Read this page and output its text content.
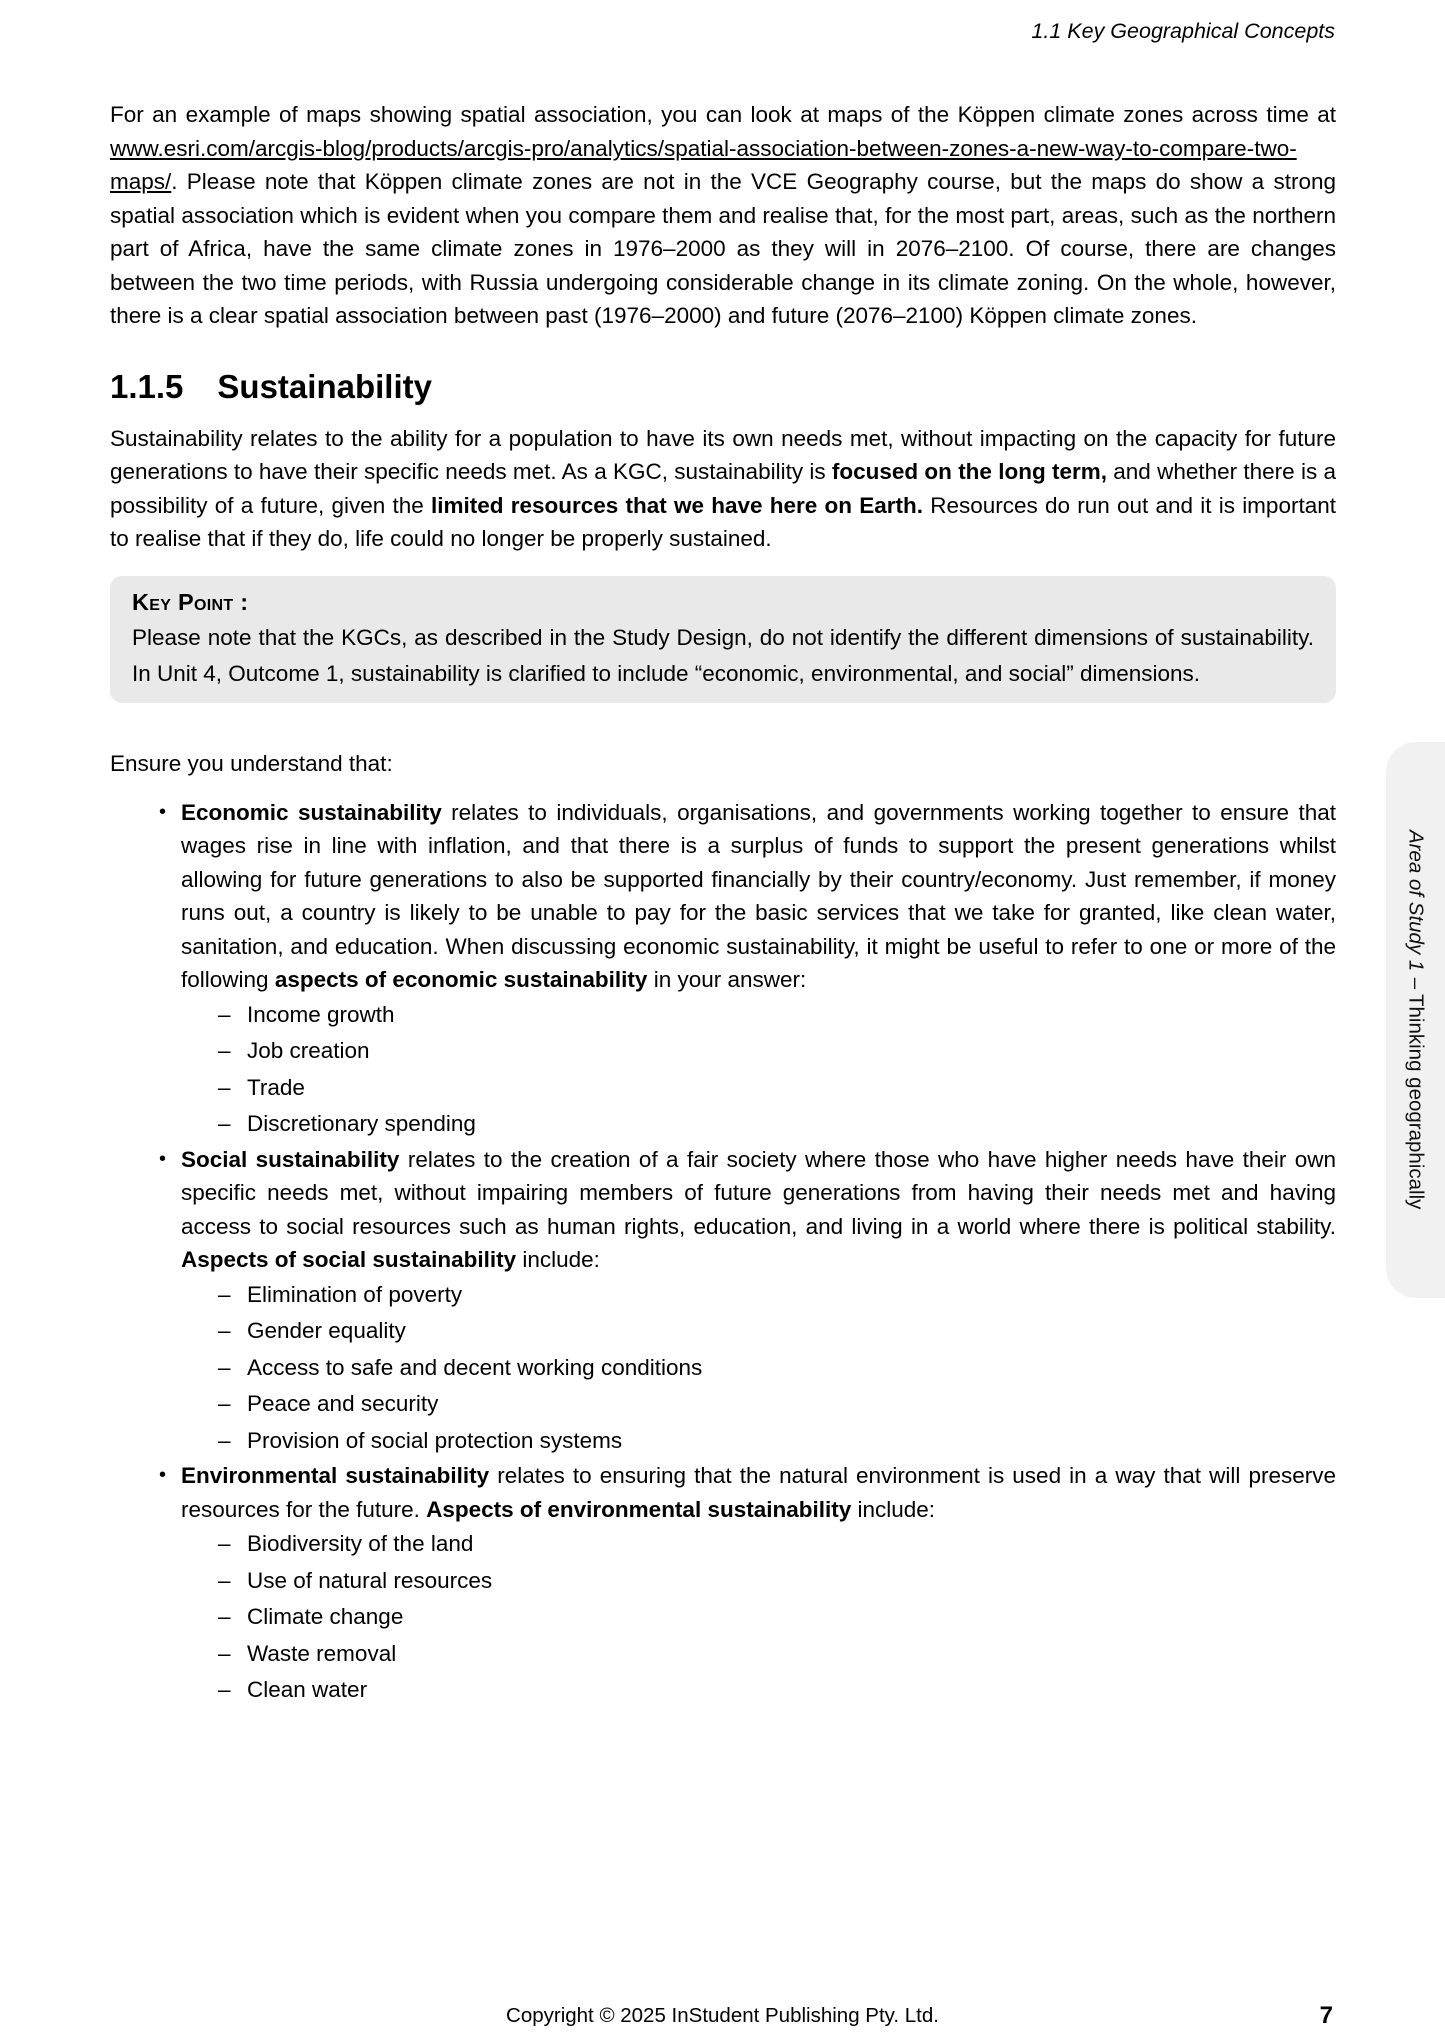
1.1 Key Geographical Concepts

For an example of maps showing spatial association, you can look at maps of the Köppen climate zones across time at www.esri.com/arcgis-blog/products/arcgis-pro/analytics/spatial-association-between-zones-a-new-way-to-compare-two-maps/. Please note that Köppen climate zones are not in the VCE Geography course, but the maps do show a strong spatial association which is evident when you compare them and realise that, for the most part, areas, such as the northern part of Africa, have the same climate zones in 1976–2000 as they will in 2076–2100. Of course, there are changes between the two time periods, with Russia undergoing considerable change in its climate zoning. On the whole, however, there is a clear spatial association between past (1976–2000) and future (2076–2100) Köppen climate zones.

1.1.5 Sustainability

Sustainability relates to the ability for a population to have its own needs met, without impacting on the capacity for future generations to have their specific needs met. As a KGC, sustainability is focused on the long term, and whether there is a possibility of a future, given the limited resources that we have here on Earth. Resources do run out and it is important to realise that if they do, life could no longer be properly sustained.

Key Point :

Please note that the KGCs, as described in the Study Design, do not identify the different dimensions of sustainability. In Unit 4, Outcome 1, sustainability is clarified to include “economic, environmental, and social” dimensions.

Ensure you understand that:

• Economic sustainability relates to individuals, organisations, and governments working together to ensure that wages rise in line with inflation, and that there is a surplus of funds to support the present generations whilst allowing for future generations to also be supported financially by their country/economy. Just remember, if money runs out, a country is likely to be unable to pay for the basic services that we take for granted, like clean water, sanitation, and education. When discussing economic sustainability, it might be useful to refer to one or more of the following aspects of economic sustainability in your answer:
– Income growth
– Job creation
– Trade
– Discretionary spending
• Social sustainability relates to the creation of a fair society where those who have higher needs have their own specific needs met, without impairing members of future generations from having their needs met and having access to social resources such as human rights, education, and living in a world where there is political stability. Aspects of social sustainability include:
– Elimination of poverty
– Gender equality
– Access to safe and decent working conditions
– Peace and security
– Provision of social protection systems
• Environmental sustainability relates to ensuring that the natural environment is used in a way that will preserve resources for the future. Aspects of environmental sustainability include:
– Biodiversity of the land
– Use of natural resources
– Climate change
– Waste removal
– Clean water
Area of Study 1
–
Thinking geographically
Copyright © 2025 InStudent Publishing Pty. Ltd.	7
